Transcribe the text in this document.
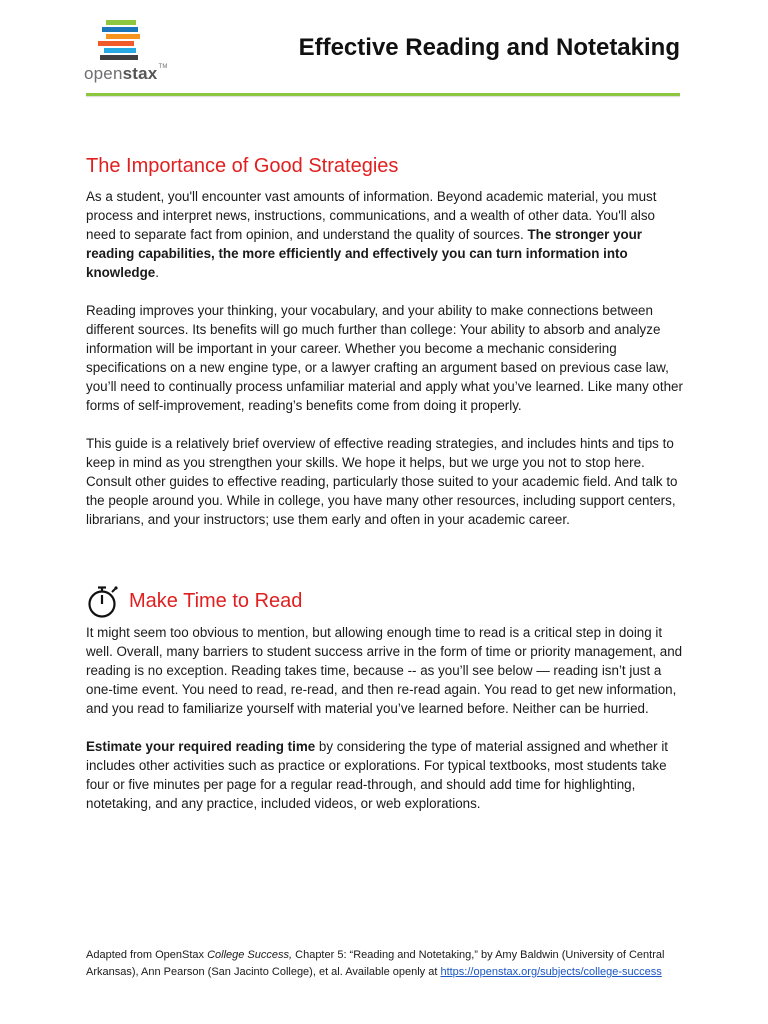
openstax™
Effective Reading and Notetaking
The Importance of Good Strategies

As a student, you'll encounter vast amounts of information. Beyond academic material, you must process and interpret news, instructions, communications, and a wealth of other data. You'll also need to separate fact from opinion, and understand the quality of sources. The stronger your reading capabilities, the more efficiently and effectively you can turn information into knowledge.

Reading improves your thinking, your vocabulary, and your ability to make connections between different sources. Its benefits will go much further than college: Your ability to absorb and analyze information will be important in your career. Whether you become a mechanic considering specifications on a new engine type, or a lawyer crafting an argument based on previous case law, you’ll need to continually process unfamiliar material and apply what you’ve learned. Like many other forms of self-improvement, reading’s benefits come from doing it properly.

This guide is a relatively brief overview of effective reading strategies, and includes hints and tips to keep in mind as you strengthen your skills. We hope it helps, but we urge you not to stop here. Consult other guides to effective reading, particularly those suited to your academic field. And talk to the people around you. While in college, you have many other resources, including support centers, librarians, and your instructors; use them early and often in your academic career.

Make Time to Read

It might seem too obvious to mention, but allowing enough time to read is a critical step in doing it well. Overall, many barriers to student success arrive in the form of time or priority management, and reading is no exception. Reading takes time, because -- as you’ll see below — reading isn’t just a one-time event. You need to read, re-read, and then re-read again. You read to get new information, and you read to familiarize yourself with material you’ve learned before. Neither can be hurried.

Estimate your required reading time by considering the type of material assigned and whether it includes other activities such as practice or explorations. For typical textbooks, most students take four or five minutes per page for a regular read-through, and should add time for highlighting, notetaking, and any practice, included videos, or web explorations.

Adapted from OpenStax College Success, Chapter 5: “Reading and Notetaking,” by Amy Baldwin (University of Central Arkansas), Ann Pearson (San Jacinto College), et al. Available openly at https://openstax.org/subjects/college-success
